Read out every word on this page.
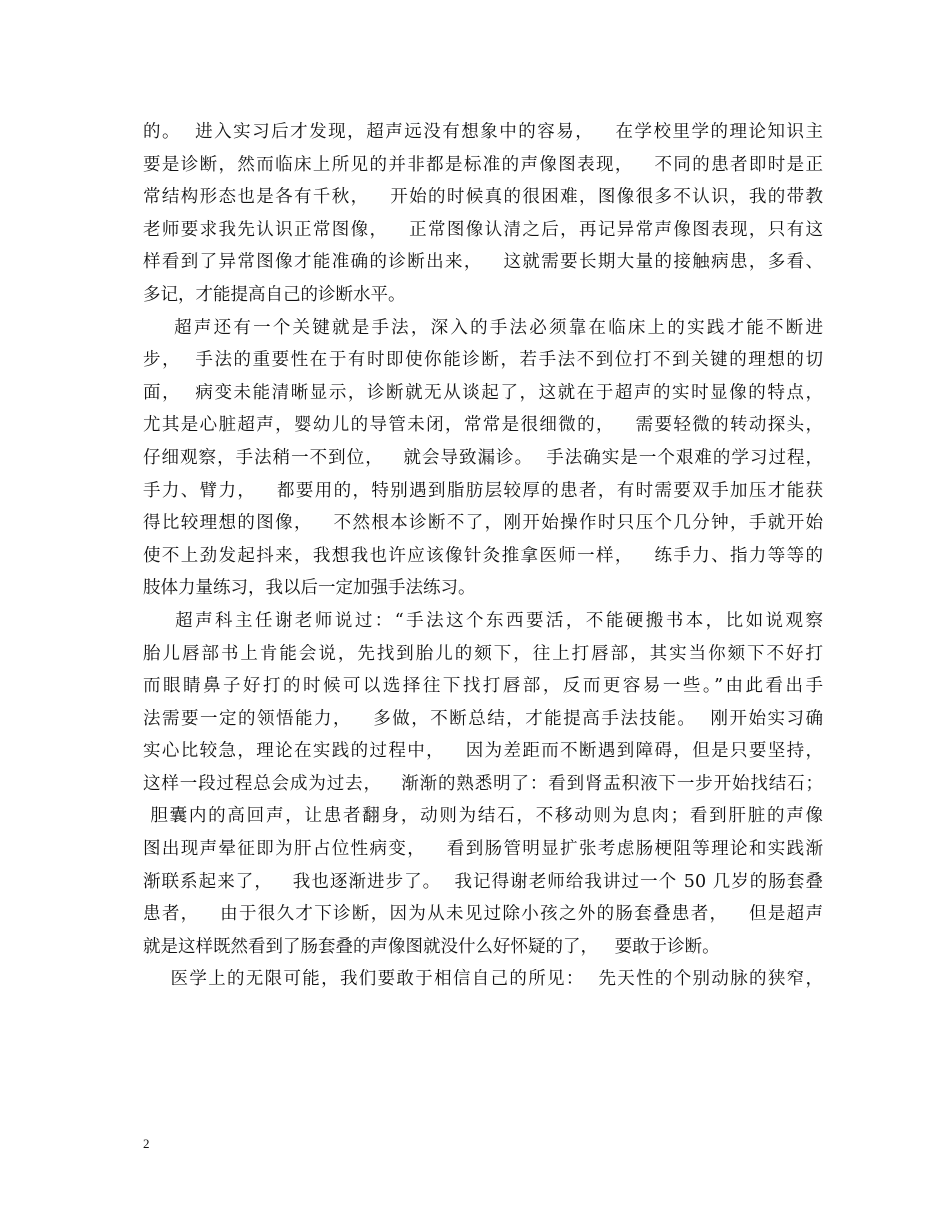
的。  进入实习后才发现，超声远没有想象中的容易，   在学校里学的理论知识主
要是诊断，然而临床上所见的并非都是标准的声像图表现，   不同的患者即时是正
常结构形态也是各有千秋，   开始的时候真的很困难，图像很多不认识，我的带教
老师要求我先认识正常图像，   正常图像认清之后，再记异常声像图表现，只有这
样看到了异常图像才能准确的诊断出来，   这就需要长期大量的接触病患，多看、
多记，才能提高自己的诊断水平。
超声还有一个关键就是手法，深入的手法必须靠在临床上的实践才能不断进
步，  手法的重要性在于有时即使你能诊断，若手法不到位打不到关键的理想的切
面，  病变未能清晰显示，诊断就无从谈起了，这就在于超声的实时显像的特点，
尤其是心脏超声，婴幼儿的导管未闭，常常是很细微的，   需要轻微的转动探头，
仔细观察，手法稍一不到位，   就会导致漏诊。  手法确实是一个艰难的学习过程，
手力、臂力，   都要用的，特别遇到脂肪层较厚的患者，有时需要双手加压才能获
得比较理想的图像，   不然根本诊断不了，刚开始操作时只压个几分钟，手就开始
使不上劲发起抖来，我想我也许应该像针灸推拿医师一样，   练手力、指力等等的
肢体力量练习，我以后一定加强手法练习。
超声科主任谢老师说过：“手法这个东西要活，不能硬搬书本，比如说观察
胎儿唇部书上肯能会说，先找到胎儿的颏下，往上打唇部，其实当你颏下不好打
而眼睛鼻子好打的时候可以选择往下找打唇部，反而更容易一些。”由此看出手
法需要一定的领悟能力，   多做，不断总结，才能提高手法技能。  刚开始实习确
实心比较急，理论在实践的过程中，   因为差距而不断遇到障碍，但是只要坚持，
这样一段过程总会成为过去，   渐渐的熟悉明了：看到肾盂积液下一步开始找结石；
胆囊内的高回声，让患者翻身，动则为结石，不移动则为息肉；看到肝脏的声像
图出现声晕征即为肝占位性病变，   看到肠管明显扩张考虑肠梗阻等理论和实践渐
渐联系起来了，   我也逐渐进步了。  我记得谢老师给我讲过一个 50 几岁的肠套叠
患者，   由于很久才下诊断，因为从未见过除小孩之外的肠套叠患者，   但是超声
就是这样既然看到了肠套叠的声像图就没什么好怀疑的了，   要敢于诊断。
医学上的无限可能，我们要敢于相信自己的所见：  先天性的个别动脉的狭窄，
2
